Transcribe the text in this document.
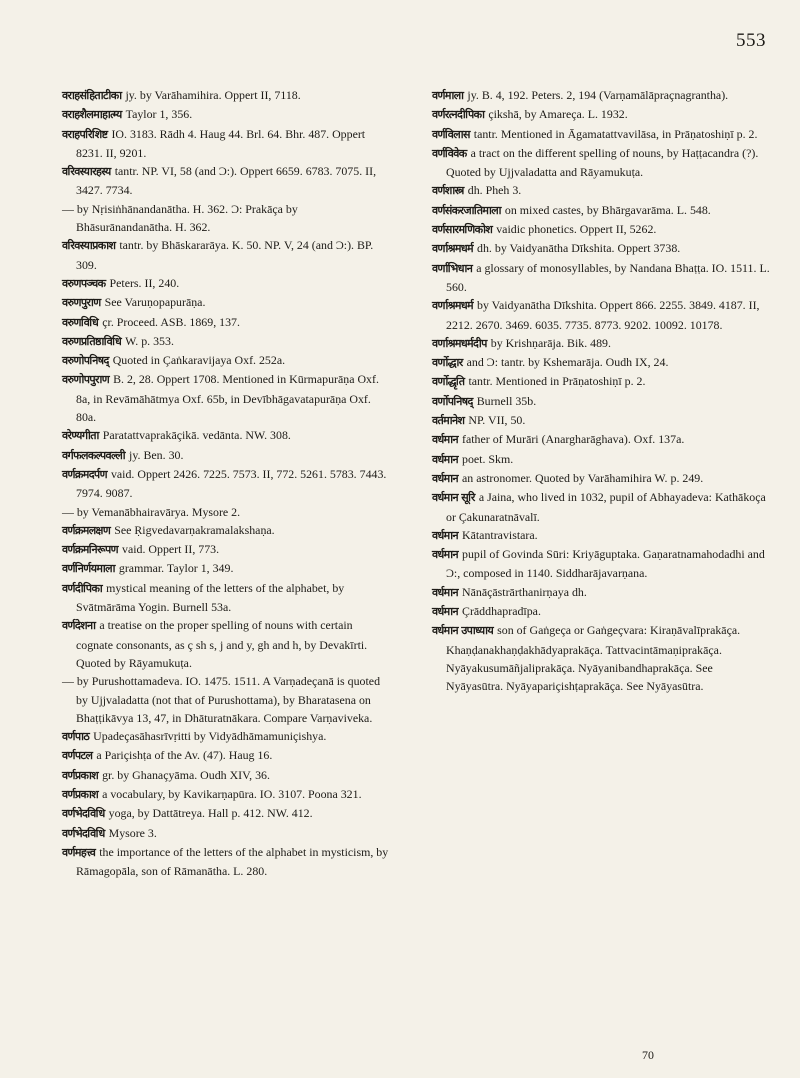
553

वराहसंहिताटीका jy. by Varāhamihira. Oppert II, 7118.

वराहशैलमाहात्म्य Taylor 1, 356.

वराहपरिशिष्ट IO. 3183. Rādh 4. Haug 44. Brl. 64. Bhr. 487. Oppert 8231. II, 9201.

वरिवस्यारहस्य tantr. NP. VI, 58 (and Ɔ:). Oppert 6659. 6783. 7075. II, 3427. 7734.

— by Nṛisiṅhānandanātha. H. 362. Ɔ: Prakāça by Bhāsurānandanātha. H. 362.

वरिवस्याप्रकाश tantr. by Bhāskararāya. K. 50. NP. V, 24 (and Ɔ:). BP. 309.

वरुणपञ्चक Peters. II, 240.

वरुणपुराण See Varuṇopapurāṇa.

वरुणविधि çr. Proceed. ASB. 1869, 137.

वरुणप्रतिष्ठाविधि W. p. 353.

वरुणोपनिषद् Quoted in Çaṅkaravijaya Oxf. 252a.

वरुणोपपुराण B. 2, 28. Oppert 1708. Mentioned in Kūrmapurāṇa Oxf. 8a, in Revāmāhātmya Oxf. 65b, in Devībhāgavatapurāṇa Oxf. 80a.

वरेण्यगीता Paratattvaprakāçikā. vedānta. NW. 308.

वर्गफलकल्पवल्ली jy. Ben. 30.

वर्णक्रमदर्पण vaid. Oppert 2426. 7225. 7573. II, 772. 5261. 5783. 7443. 7974. 9087.

— by Vemanābhairavārya. Mysore 2.

वर्णक्रमलक्षण See Ṛigvedavarṇakramalakshaṇa.

वर्णक्रमनिरूपण vaid. Oppert II, 773.

वर्णनिर्णयमाला grammar. Taylor 1, 349.

वर्णदीपिका mystical meaning of the letters of the alphabet, by Svātmārāma Yogin. Burnell 53a.

वर्णदेशना a treatise on the proper spelling of nouns with certain cognate consonants, as ç sh s, j and y, gh and h, by Devakīrti. Quoted by Rāyamukuṭa.

— by Purushottamadeva. IO. 1475. 1511. A Varṇadeçanā is quoted by Ujjvaladatta (not that of Purushottama), by Bharatasena on Bhaṭṭikāvya 13, 47, in Dhāturatnākara. Compare Varṇaviveka.

वर्णपाठ Upadeçasāhasrīvṛitti by Vidyādhāmamuniçishya.

वर्णपटल a Pariçishṭa of the Av. (47). Haug 16.

वर्णप्रकाश gr. by Ghanaçyāma. Oudh XIV, 36.

वर्णप्रकाश a vocabulary, by Kavikarṇapūra. IO. 3107. Poona 321.

वर्णभेदविधि yoga, by Dattātreya. Hall p. 412. NW. 412.

वर्णभेदविधि Mysore 3.

वर्णमहत्त्व the importance of the letters of the alphabet in mysticism, by Rāmagopāla, son of Rāmanātha. L. 280.

वर्णमाला jy. B. 4, 192. Peters. 2, 194 (Varṇamālāpraçnagrantha).

वर्णरत्नदीपिका çikshā, by Amareça. L. 1932.

वर्णविलास tantr. Mentioned in Āgamatattvavilāsa, in Prāṇatoshiṇī p. 2.

वर्णविवेक a tract on the different spelling of nouns, by Haṭṭacandra (?). Quoted by Ujjvaladatta and Rāyamukuṭa.

वर्णशास्त्र dh. Pheh 3.

वर्णसंकरजातिमाला on mixed castes, by Bhārgavarāma. L. 548.

वर्णसारमणिकोश vaidic phonetics. Oppert II, 5262.

वर्णाश्रमधर्म dh. by Vaidyanātha Dīkshita. Oppert 3738.

वर्णाभिधान a glossary of monosyllables, by Nandana Bhaṭṭa. IO. 1511. L. 560.

वर्णाश्रमधर्म by Vaidyanātha Dīkshita. Oppert 866. 2255. 3849. 4187. II, 2212. 2670. 3469. 6035. 7735. 8773. 9202. 10092. 10178.

वर्णाश्रमधर्मदीप by Krishṇarāja. Bik. 489.

वर्णोद्धार and Ɔ: tantr. by Kshemarāja. Oudh IX, 24.

वर्णोद्धृति tantr. Mentioned in Prāṇatoshiṇī p. 2.

वर्णोपनिषद् Burnell 35b.

वर्तमानेश NP. VII, 50.

वर्धमान father of Murāri (Anargharāghava). Oxf. 137a.

वर्धमान poet. Skm.

वर्धमान an astronomer. Quoted by Varāhamihira W. p. 249.

वर्धमान सूरि a Jaina, who lived in 1032, pupil of Abhayadeva: Kathākoça or Çakunaratnāvalī.

वर्धमान Kātantravistara.

वर्धमान pupil of Govinda Sūri: Kriyāguptaka. Gaṇaratnamahodadhi and Ɔ:, composed in 1140. Siddharājavarṇana.

वर्धमान Nānāçāstrārthanirṇaya dh.

वर्धमान Çrāddhapradīpa.

वर्धमान उपाध्याय son of Gaṅgeça or Gaṅgeçvara: Kiraṇāvalīprakāça. Khaṇḍanakhaṇḍakhādyaprakāça. Tattvacintāmaṇiprakāça. Nyāyakusumāñjaliprakāça. Nyāyanibandhaprakāça. See Nyāyasūtra. Nyāyapariçishṭaprakāça. See Nyāyasūtra.

70
